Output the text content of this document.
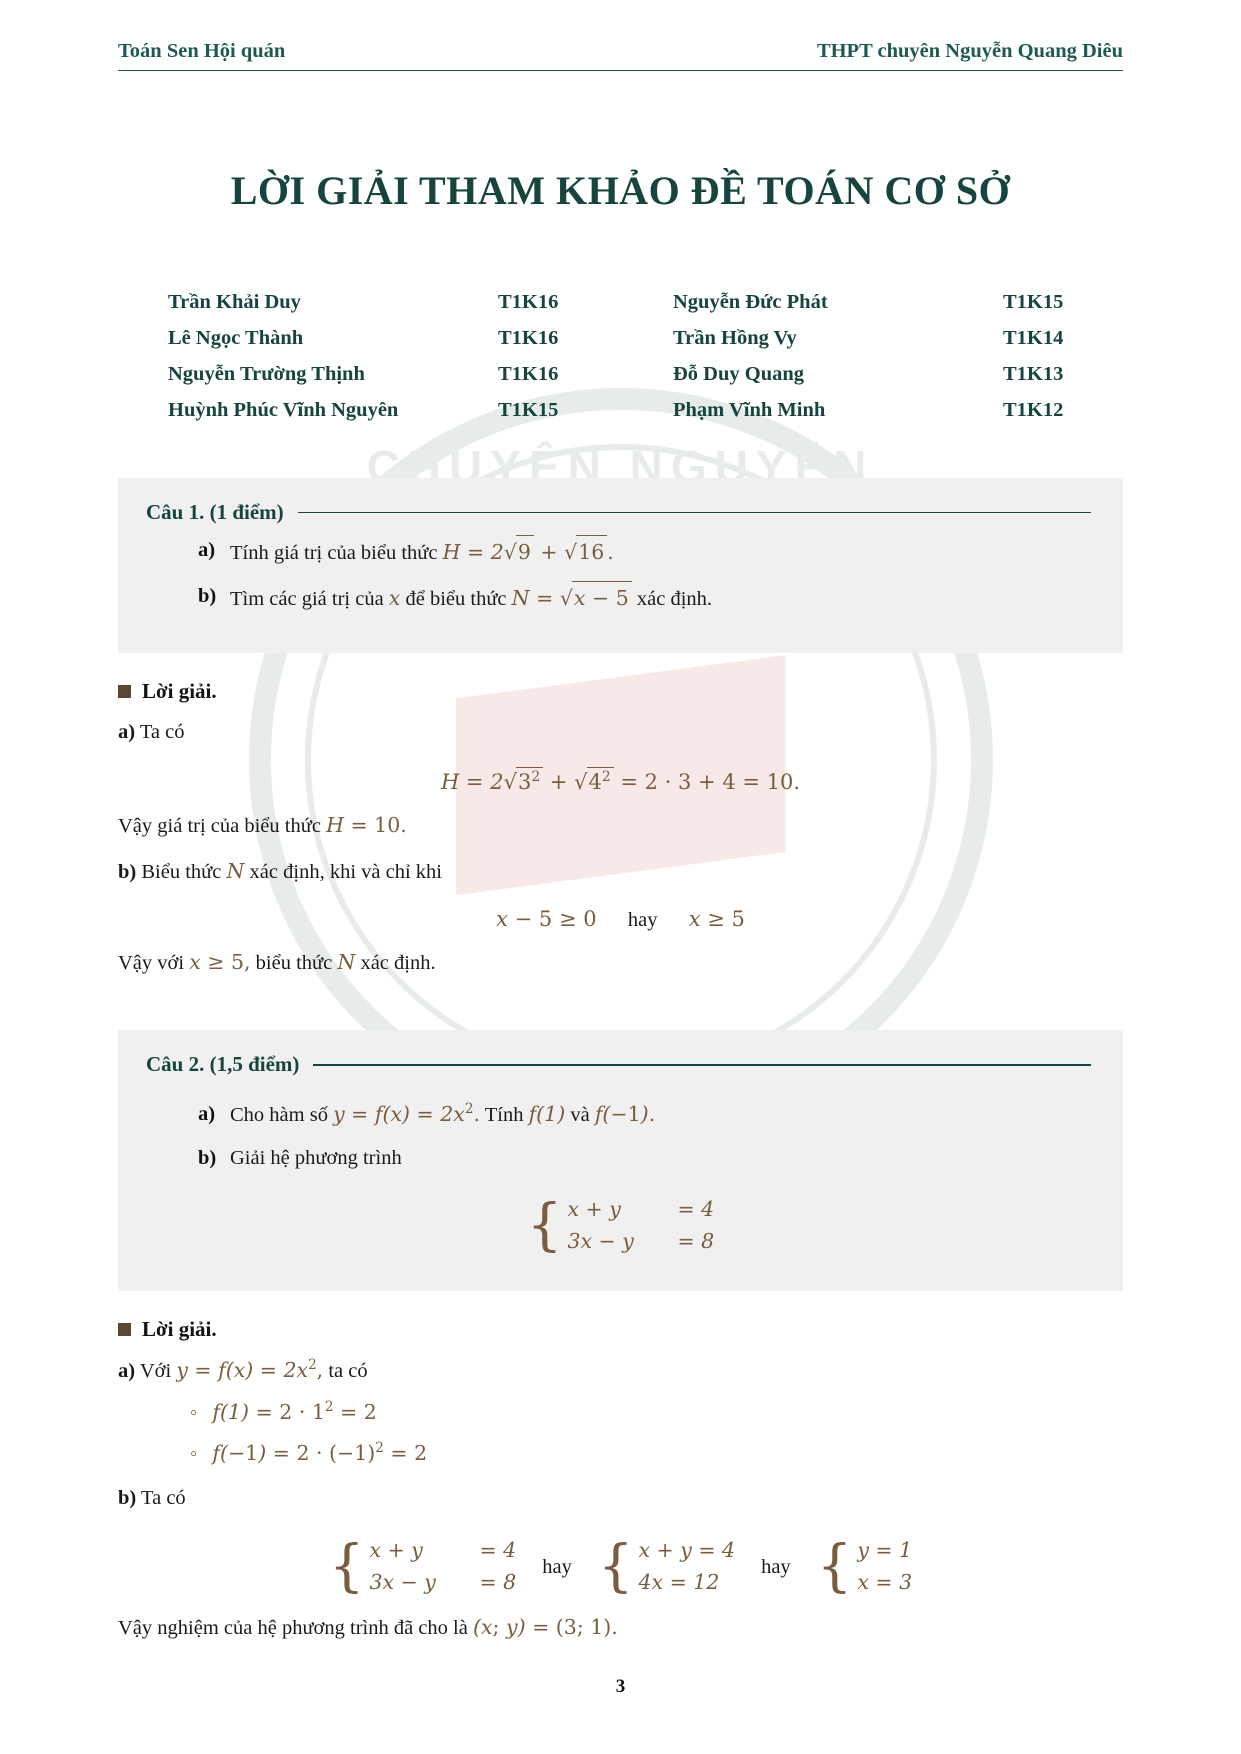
CHUYÊN NGUYỄN
Toán Sen Hội quán	THPT chuyên Nguyễn Quang Diêu
LỜI GIẢI THAM KHẢO ĐỀ TOÁN CƠ SỞ
Trần Khải Duy	T1K16	Nguyễn Đức Phát	T1K15
Lê Ngọc Thành	T1K16	Trần Hồng Vy	T1K14
Nguyễn Trường Thịnh	T1K16	Đỗ Duy Quang	T1K13
Huỳnh Phúc Vĩnh Nguyên	T1K15	Phạm Vĩnh Minh	T1K12
Câu 1. (1 điểm)
a) Tính giá trị của biểu thức H = 2√9 + √16 .
b) Tìm các giá trị của x để biểu thức N = √x − 5 xác định.
Lời giải.
a) Ta có
$H = 2√3^2 + √4^2 = 2 \cdot 3 + 4 = 10$.
Vậy giá trị của biểu thức H = 10.
b) Biểu thức N xác định, khi và chỉ khi
x − 5 ≥ 0 hay x ≥ 5
Vậy với x ≥ 5, biểu thức N xác định.
Câu 2. (1,5 điểm)
a) Cho hàm số $y = f(x) = 2x^2$. Tính f(1) và f(−1).
b) Giải hệ phương trình
{ x + y	= 4
3x − y	= 8
Lời giải.
a) Với $y = f(x) = 2x^2$, ta có
◦ $f(1) = 2 \cdot 1^2 = 2$
◦ $f(-1) = 2 \cdot (-1)^2 = 2$
b) Ta có
{ x + y	= 4
3x − y	= 8
hay { x + y = 4
4x = 12
hay { y = 1
x = 3
Vậy nghiệm của hệ phương trình đã cho là (x; y) = (3; 1).
3
